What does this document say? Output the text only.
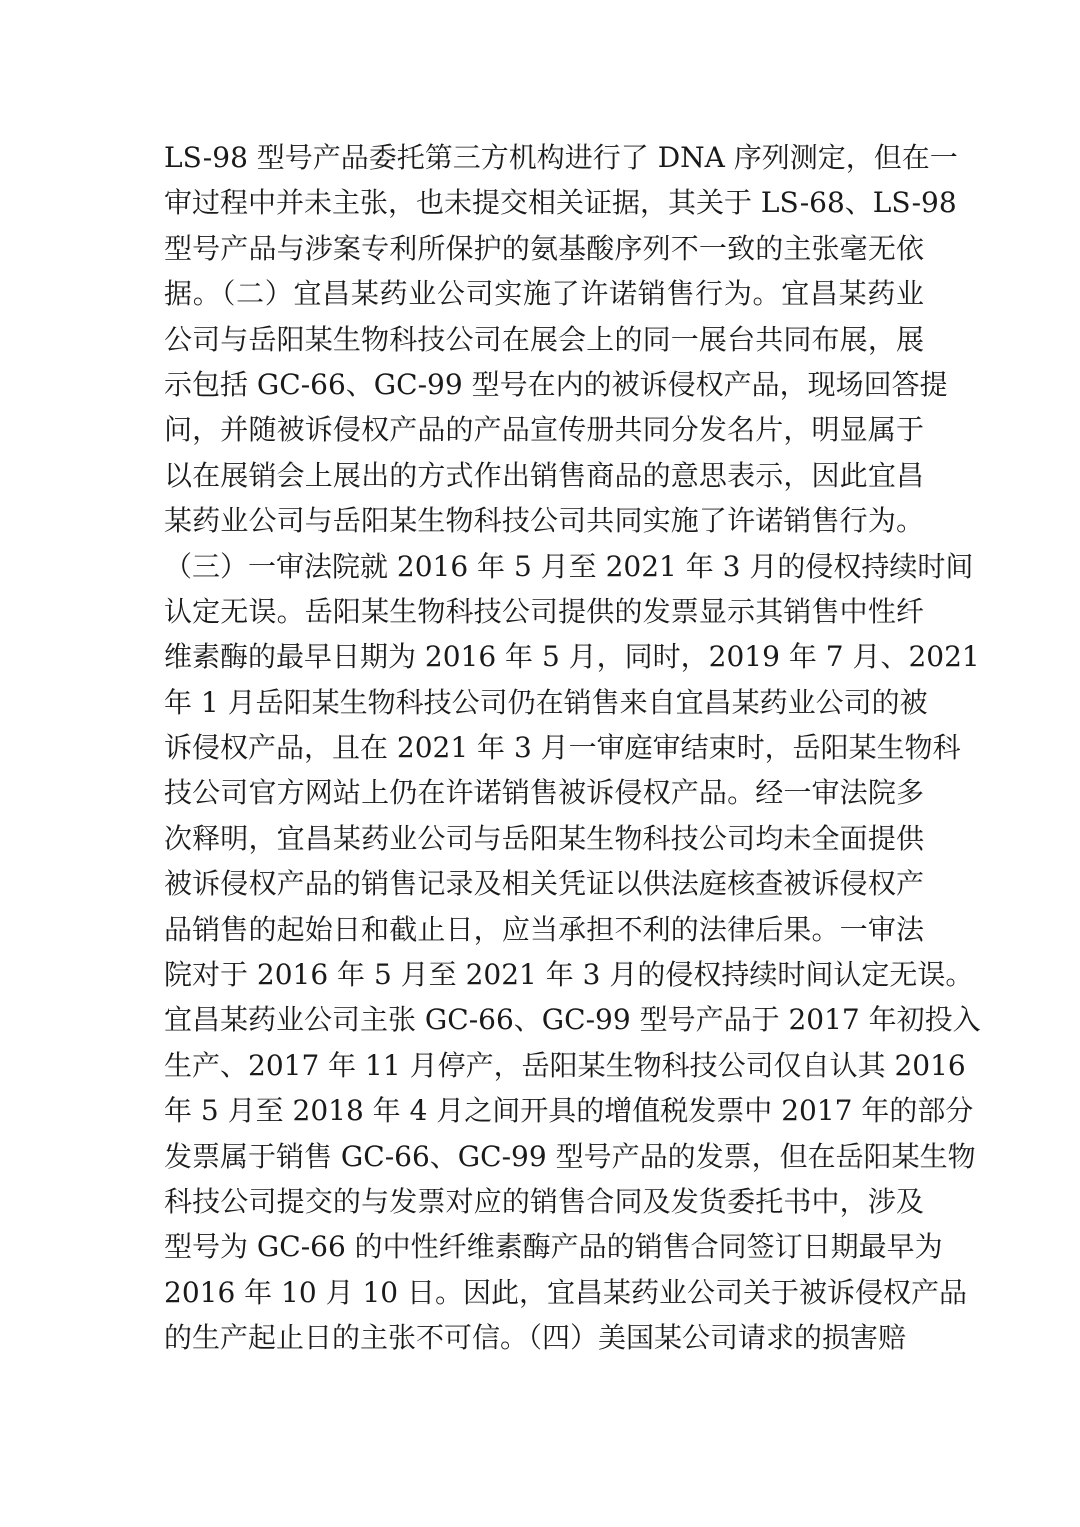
LS-98 型号产品委托第三方机构进行了 DNA 序列测定，但在一
审过程中并未主张，也未提交相关证据，其关于 LS-68、LS-98
型号产品与涉案专利所保护的氨基酸序列不一致的主张毫无依
据。（二）宜昌某药业公司实施了许诺销售行为。宜昌某药业
公司与岳阳某生物科技公司在展会上的同一展台共同布展，展
示包括 GC-66、GC-99 型号在内的被诉侵权产品，现场回答提
问，并随被诉侵权产品的产品宣传册共同分发名片，明显属于
以在展销会上展出的方式作出销售商品的意思表示，因此宜昌
某药业公司与岳阳某生物科技公司共同实施了许诺销售行为。
（三）一审法院就 2016 年 5 月至 2021 年 3 月的侵权持续时间
认定无误。岳阳某生物科技公司提供的发票显示其销售中性纤
维素酶的最早日期为 2016 年 5 月，同时，2019 年 7 月、2021
年 1 月岳阳某生物科技公司仍在销售来自宜昌某药业公司的被
诉侵权产品，且在 2021 年 3 月一审庭审结束时，岳阳某生物科
技公司官方网站上仍在许诺销售被诉侵权产品。经一审法院多
次释明，宜昌某药业公司与岳阳某生物科技公司均未全面提供
被诉侵权产品的销售记录及相关凭证以供法庭核查被诉侵权产
品销售的起始日和截止日，应当承担不利的法律后果。一审法
院对于 2016 年 5 月至 2021 年 3 月的侵权持续时间认定无误。
宜昌某药业公司主张 GC-66、GC-99 型号产品于 2017 年初投入
生产、2017 年 11 月停产，岳阳某生物科技公司仅自认其 2016
年 5 月至 2018 年 4 月之间开具的增值税发票中 2017 年的部分
发票属于销售 GC-66、GC-99 型号产品的发票，但在岳阳某生物
科技公司提交的与发票对应的销售合同及发货委托书中，涉及
型号为 GC-66 的中性纤维素酶产品的销售合同签订日期最早为
2016 年 10 月 10 日。因此，宜昌某药业公司关于被诉侵权产品
的生产起止日的主张不可信。（四）美国某公司请求的损害赔
